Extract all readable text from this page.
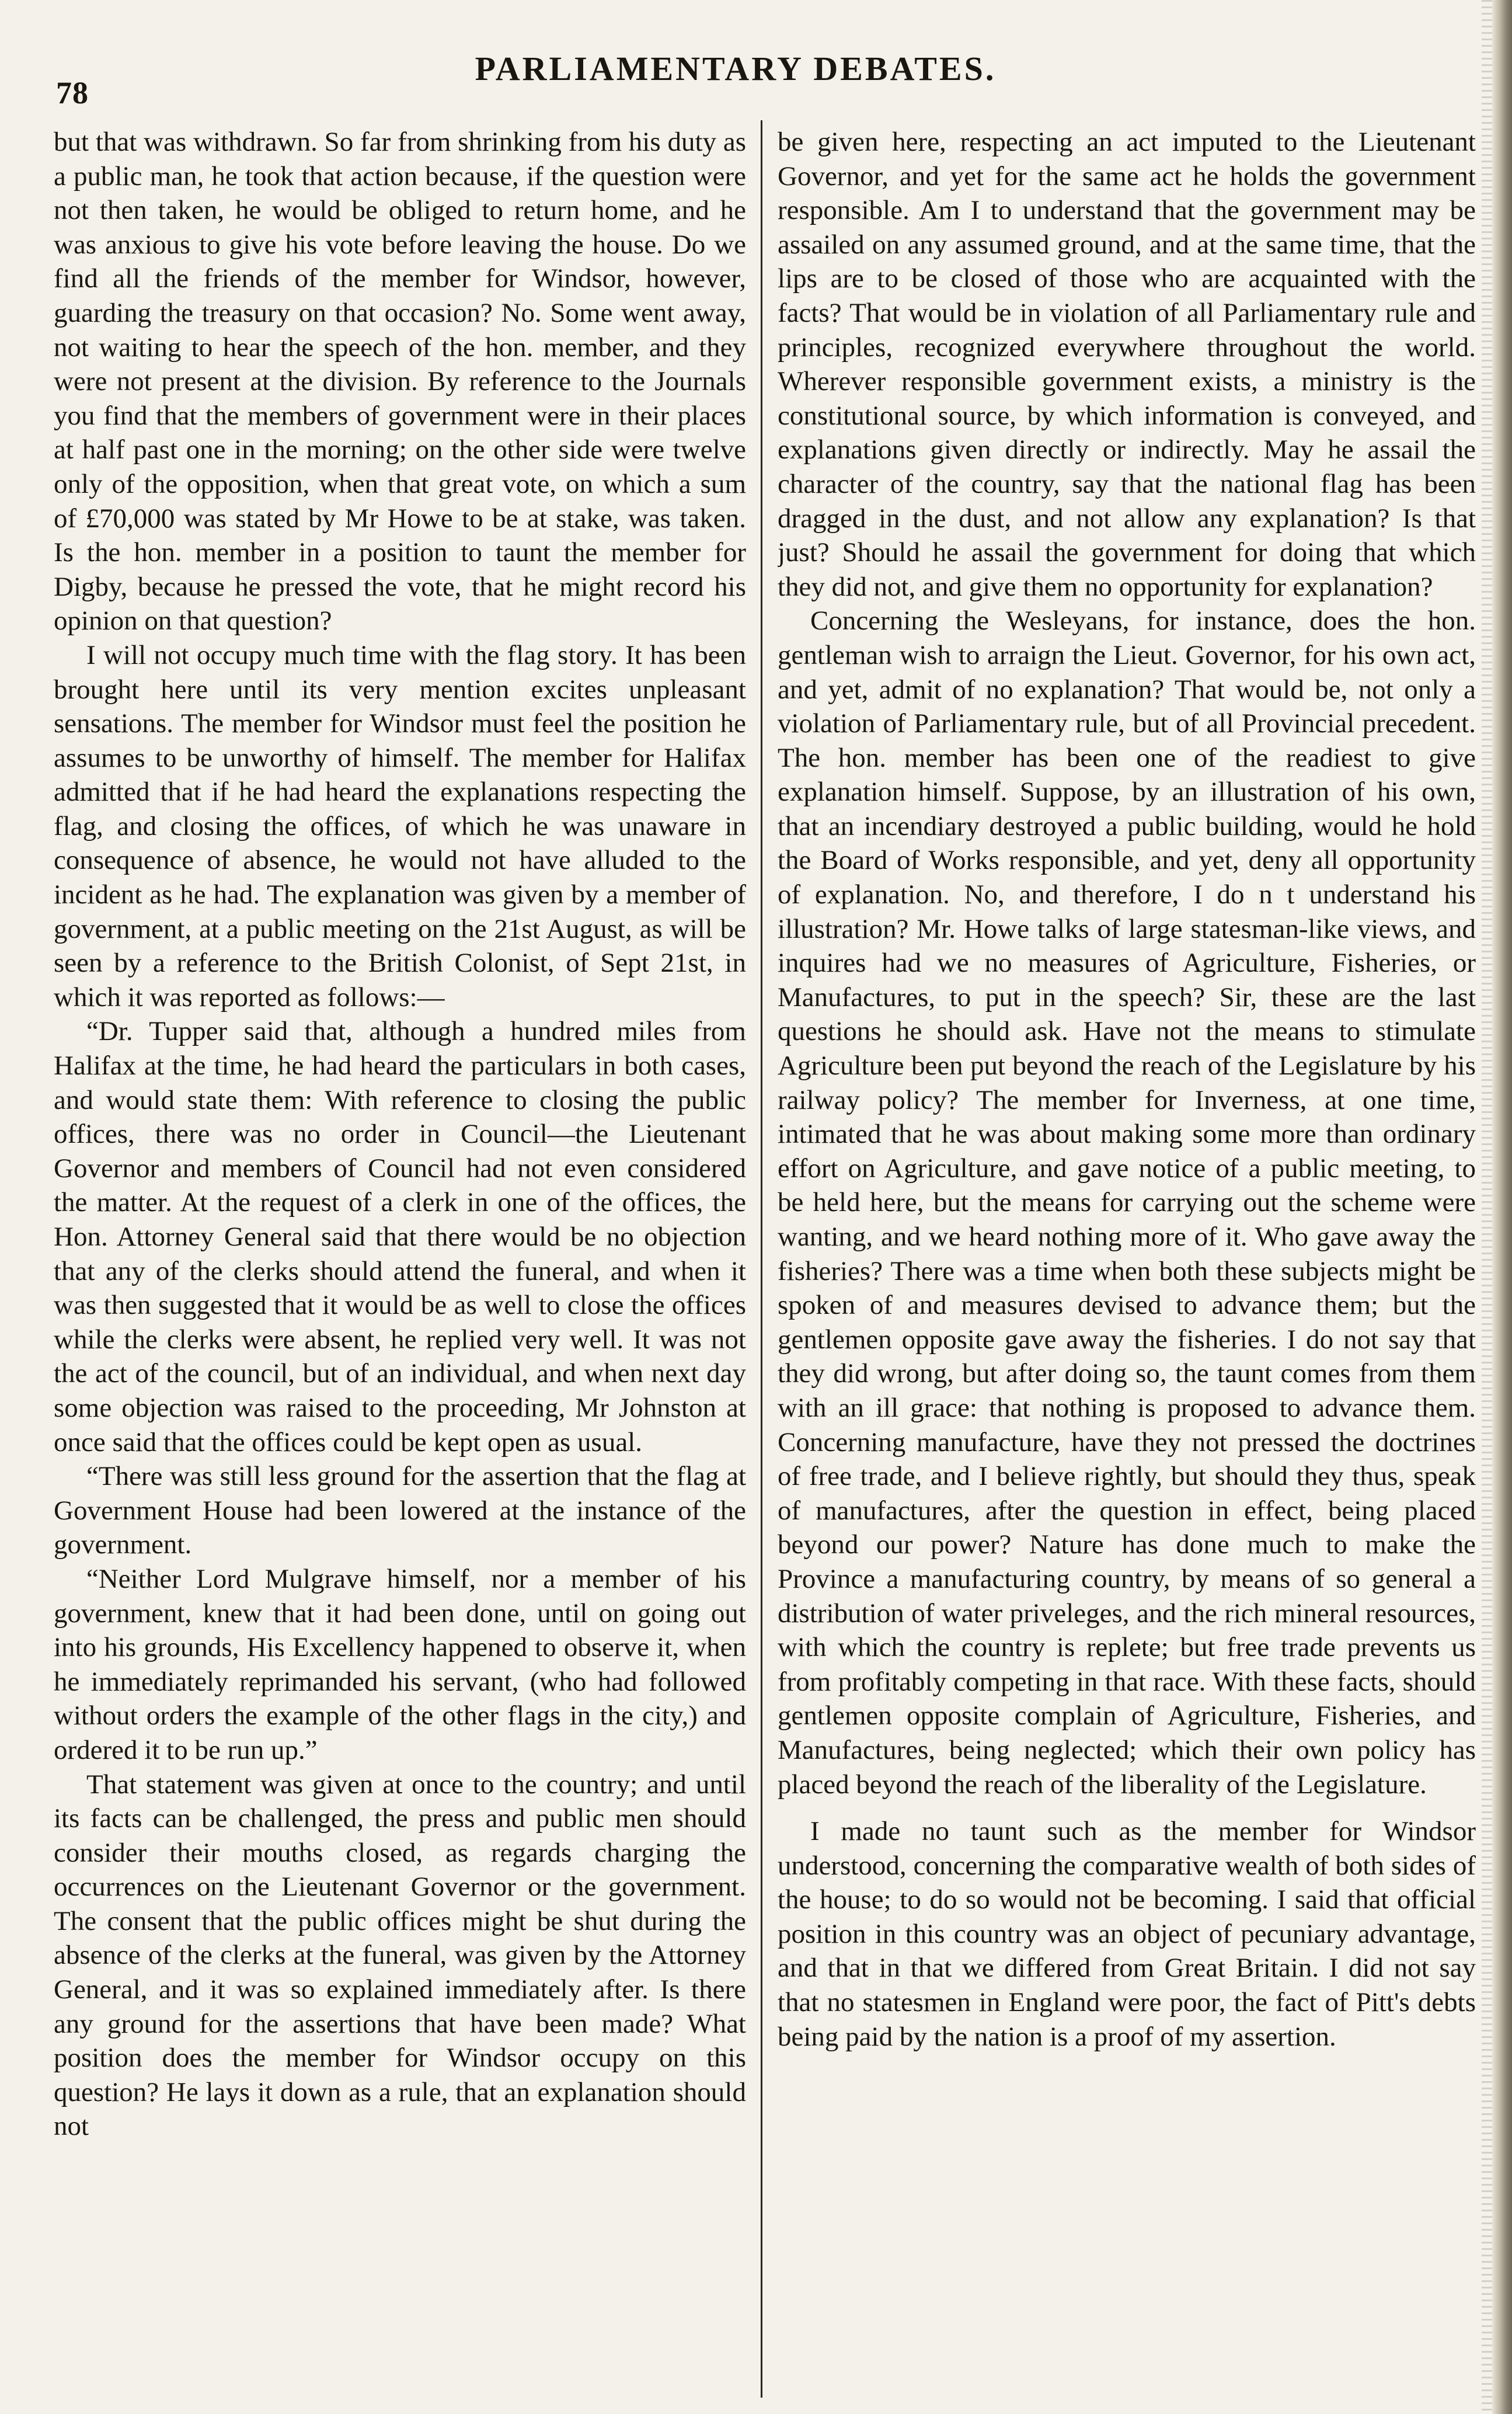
78
PARLIAMENTARY DEBATES.

but that was withdrawn. So far from shrinking from his duty as a public man, he took that action because, if the question were not then taken, he would be obliged to return home, and he was anxious to give his vote before leaving the house. Do we find all the friends of the member for Windsor, however, guarding the treasury on that occasion? No. Some went away, not waiting to hear the speech of the hon. member, and they were not present at the division. By reference to the Journals you find that the members of government were in their places at half past one in the morning; on the other side were twelve only of the opposition, when that great vote, on which a sum of £70,000 was stated by Mr Howe to be at stake, was taken. Is the hon. member in a position to taunt the member for Digby, because he pressed the vote, that he might record his opinion on that question?

I will not occupy much time with the flag story. It has been brought here until its very mention excites unpleasant sensations. The member for Windsor must feel the position he assumes to be unworthy of himself. The member for Halifax admitted that if he had heard the explanations respecting the flag, and closing the offices, of which he was unaware in consequence of absence, he would not have alluded to the incident as he had. The explanation was given by a member of government, at a public meeting on the 21st August, as will be seen by a reference to the British Colonist, of Sept 21st, in which it was reported as follows:—

“Dr. Tupper said that, although a hundred miles from Halifax at the time, he had heard the particulars in both cases, and would state them: With reference to closing the public offices, there was no order in Council—the Lieutenant Governor and members of Council had not even considered the matter. At the request of a clerk in one of the offices, the Hon. Attorney General said that there would be no objection that any of the clerks should attend the funeral, and when it was then suggested that it would be as well to close the offices while the clerks were absent, he replied very well. It was not the act of the council, but of an individual, and when next day some objection was raised to the proceeding, Mr Johnston at once said that the offices could be kept open as usual.

“There was still less ground for the assertion that the flag at Government House had been lowered at the instance of the government.

“Neither Lord Mulgrave himself, nor a member of his government, knew that it had been done, until on going out into his grounds, His Excellency happened to observe it, when he immediately reprimanded his servant, (who had followed without orders the example of the other flags in the city,) and ordered it to be run up.”

That statement was given at once to the country; and until its facts can be challenged, the press and public men should consider their mouths closed, as regards charging the occurrences on the Lieutenant Governor or the government. The consent that the public offices might be shut during the absence of the clerks at the funeral, was given by the Attorney General, and it was so explained immediately after. Is there any ground for the assertions that have been made? What position does the member for Windsor occupy on this question? He lays it down as a rule, that an explanation should not

be given here, respecting an act imputed to the Lieutenant Governor, and yet for the same act he holds the government responsible. Am I to understand that the government may be assailed on any assumed ground, and at the same time, that the lips are to be closed of those who are acquainted with the facts? That would be in violation of all Parliamentary rule and principles, recognized everywhere throughout the world. Wherever responsible government exists, a ministry is the constitutional source, by which information is conveyed, and explanations given directly or indirectly. May he assail the character of the country, say that the national flag has been dragged in the dust, and not allow any explanation? Is that just? Should he assail the government for doing that which they did not, and give them no opportunity for explanation?

Concerning the Wesleyans, for instance, does the hon. gentleman wish to arraign the Lieut. Governor, for his own act, and yet, admit of no explanation? That would be, not only a violation of Parliamentary rule, but of all Provincial precedent. The hon. member has been one of the readiest to give explanation himself. Suppose, by an illustration of his own, that an incendiary destroyed a public building, would he hold the Board of Works responsible, and yet, deny all opportunity of explanation. No, and therefore, I do n t understand his illustration? Mr. Howe talks of large statesman-like views, and inquires had we no measures of Agriculture, Fisheries, or Manufactures, to put in the speech? Sir, these are the last questions he should ask. Have not the means to stimulate Agriculture been put beyond the reach of the Legislature by his railway policy? The member for Inverness, at one time, intimated that he was about making some more than ordinary effort on Agriculture, and gave notice of a public meeting, to be held here, but the means for carrying out the scheme were wanting, and we heard nothing more of it. Who gave away the fisheries? There was a time when both these subjects might be spoken of and measures devised to advance them; but the gentlemen opposite gave away the fisheries. I do not say that they did wrong, but after doing so, the taunt comes from them with an ill grace: that nothing is proposed to advance them. Concerning manufacture, have they not pressed the doctrines of free trade, and I believe rightly, but should they thus, speak of manufactures, after the question in effect, being placed beyond our power? Nature has done much to make the Province a manufacturing country, by means of so general a distribution of water priveleges, and the rich mineral resources, with which the country is replete; but free trade prevents us from profitably competing in that race. With these facts, should gentlemen opposite complain of Agriculture, Fisheries, and Manufactures, being neglected; which their own policy has placed beyond the reach of the liberality of the Legislature.

I made no taunt such as the member for Windsor understood, concerning the comparative wealth of both sides of the house; to do so would not be becoming. I said that official position in this country was an object of pecuniary advantage, and that in that we differed from Great Britain. I did not say that no statesmen in England were poor, the fact of Pitt's debts being paid by the nation is a proof of my assertion.
